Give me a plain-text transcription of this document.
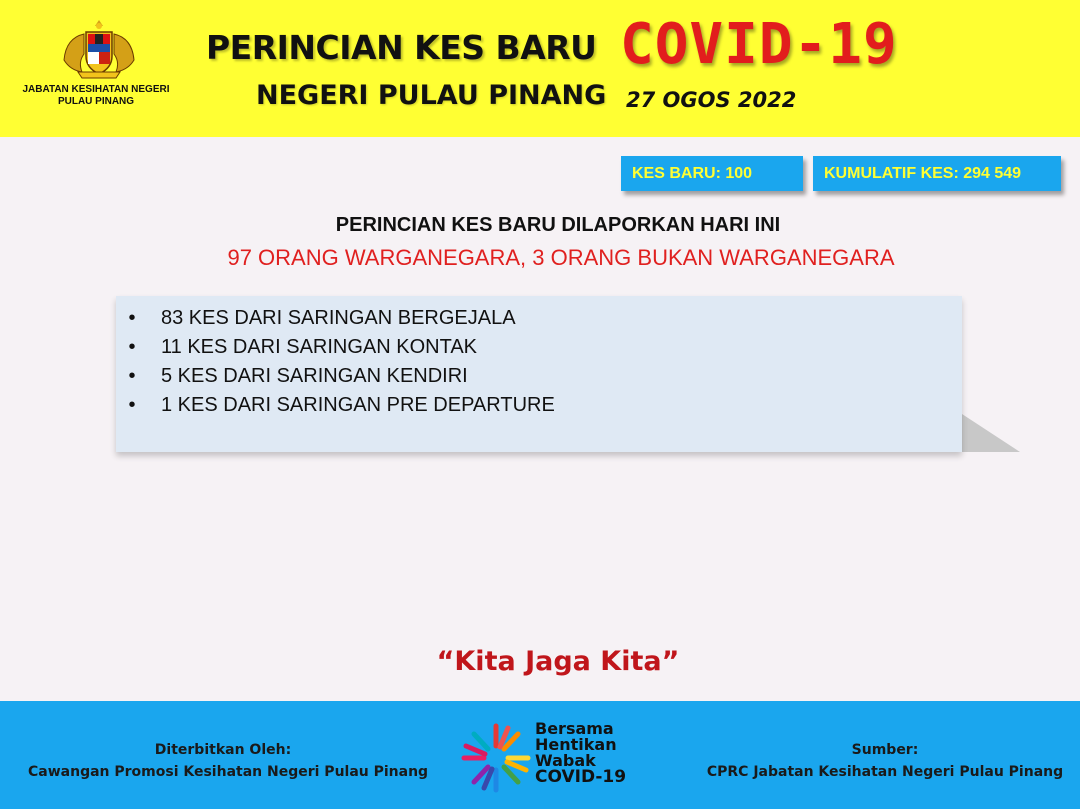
JABATAN KESIHATAN NEGERI
PULAU PINANG
PERINCIAN KES BARU COVID-19
NEGERI PULAU PINANG 27 OGOS 2022
KES BARU: 100	KUMULATIF KES: 294 549
PERINCIAN KES BARU DILAPORKAN HARI INI
97 ORANG WARGANEGARA, 3 ORANG BUKAN WARGANEGARA
• 83 KES DARI SARINGAN BERGEJALA
• 11 KES DARI SARINGAN KONTAK
• 5 KES DARI SARINGAN KENDIRI
• 1 KES DARI SARINGAN PRE DEPARTURE
“Kita Jaga Kita”
Diterbitkan Oleh:
Cawangan Promosi Kesihatan Negeri Pulau Pinang
Bersama
Hentikan
Wabak
COVID-19
Sumber:
CPRC Jabatan Kesihatan Negeri Pulau Pinang
